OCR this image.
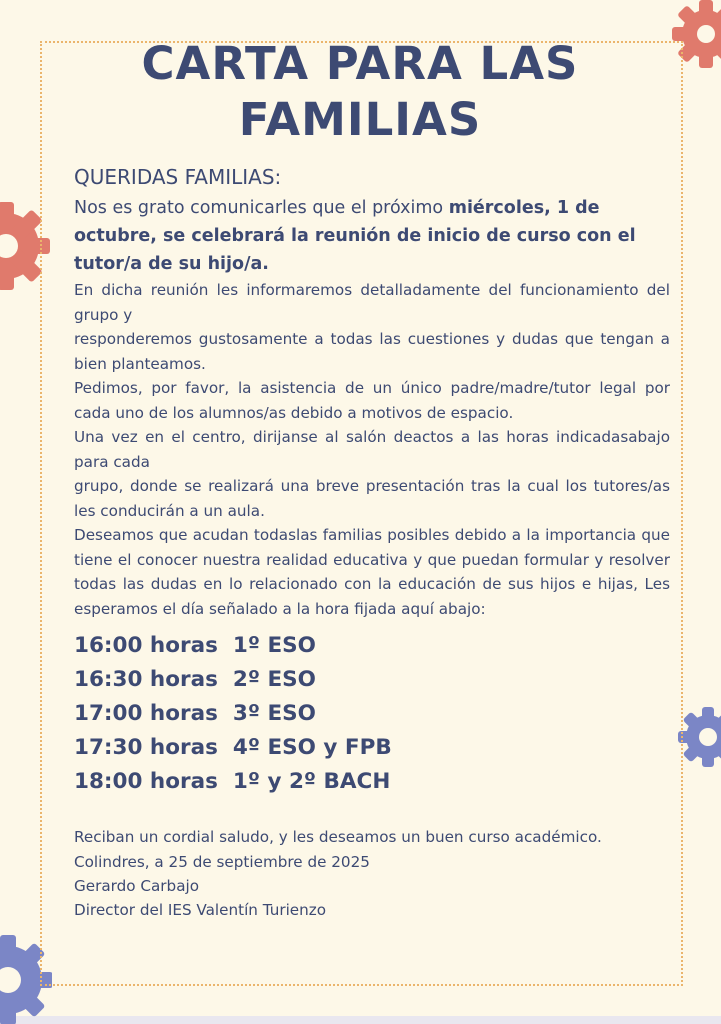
CARTA PARA LAS
FAMILIAS

QUERIDAS FAMILIAS:

Nos es grato comunicarles que el próximo miércoles, 1 de octubre, se celebrará la reunión de inicio de curso con el tutor/a de su hijo/a.

En dicha reunión les informaremos detalladamente del funcionamiento del grupo y

responderemos gustosamente a todas las cuestiones y dudas que tengan a bien planteamos.

Pedimos, por favor, la asistencia de un único padre/madre/tutor legal por cada uno de los alumnos/as debido a motivos de espacio.

Una vez en el centro, dirijanse al salón deactos a las horas indicadasabajo para cada

grupo, donde se realizará una breve presentación tras la cual los tutores/as les conducirán a un aula.

Deseamos que acudan todaslas familias posibles debido a la importancia que tiene el conocer nuestra realidad educativa y que puedan formular y resolver todas las dudas en lo relacionado con la educación de sus hijos e hijas, Les esperamos el día señalado a la hora fijada aquí abajo:

16:00 horas  1º ESO

16:30 horas  2º ESO

17:00 horas  3º ESO

17:30 horas  4º ESO y FPB

18:00 horas  1º y 2º BACH

Reciban un cordial saludo, y les deseamos un buen curso académico.

Colindres, a 25 de septiembre de 2025

Gerardo Carbajo

Director del IES Valentín Turienzo
